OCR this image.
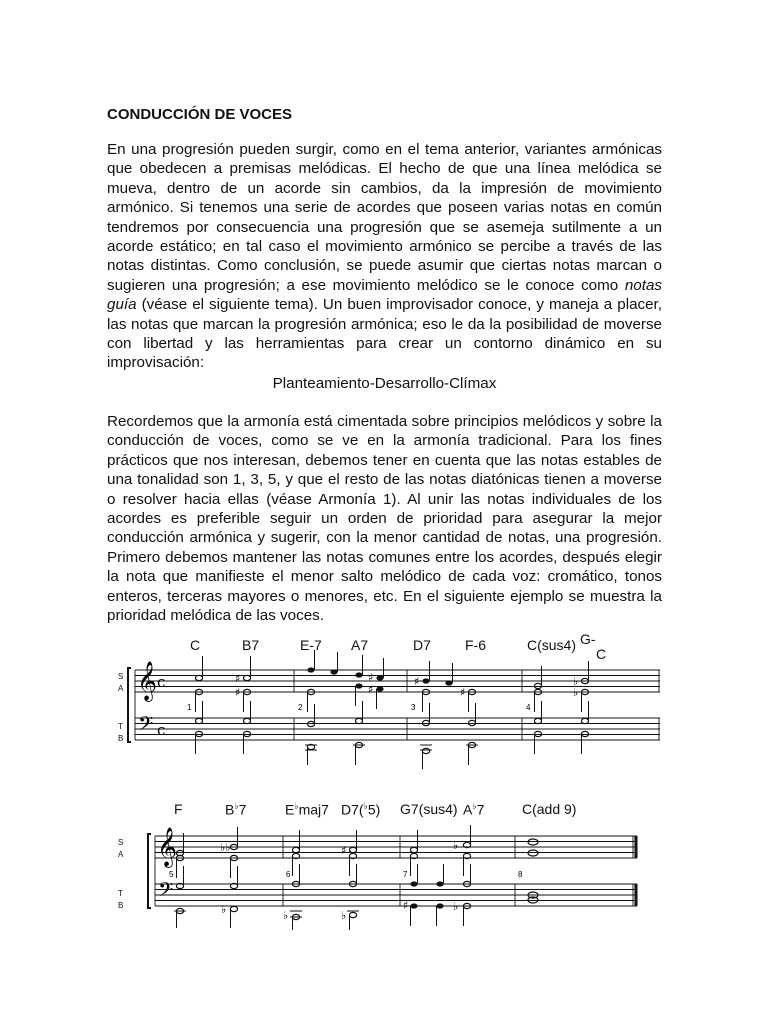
CONDUCCIÓN DE VOCES

En una progresión pueden surgir, como en el tema anterior, variantes armónicas que obedecen a premisas melódicas. El hecho de que una línea melódica se mueva, dentro de un acorde sin cambios, da la impresión de movimiento armónico. Si tenemos una serie de acordes que poseen varias notas en común tendremos por consecuencia una progresión que se asemeja sutilmente a un acorde estático; en tal caso el movimiento armónico se percibe a través de las notas distintas. Como conclusión, se puede asumir que ciertas notas marcan o sugieren una progresión; a ese movimiento melódico se le conoce como notas guía (véase el siguiente tema). Un buen improvisador conoce, y maneja a placer, las notas que marcan la progresión armónica; eso le da la posibilidad de moverse con libertad y las herramientas para crear un contorno dinámico en su improvisación:

Planteamiento-Desarrollo-Clímax

Recordemos que la armonía está cimentada sobre principios melódicos y sobre la conducción de voces, como se ve en la armonía tradicional. Para los fines prácticos que nos interesan, debemos tener en cuenta que las notas estables de una tonalidad son 1, 3, 5, y que el resto de las notas diatónicas tienen a moverse o resolver hacia ellas (véase Armonía 1). Al unir las notas individuales de los acordes es preferible seguir un orden de prioridad para asegurar la mejor conducción armónica y sugerir, con la menor cantidad de notas, una progresión. Primero debemos mantener las notas comunes entre los acordes, después elegir la nota que manifieste el menor salto melódico de cada voz: cromático, tonos enteros, terceras mayores o menores, etc. En el siguiente ejemplo se muestra la prioridad melódica de las voces.

C	B7	E-7 A7	D7 F-6	C(sus4) G-
C
S
A
T
B
𝄞
𝄢
c
c
1	2	3	4
♯
♯
♯
♯
♯
♯
♭
♭
F	B♭7	E♭maj7 D7(♭5) G7(sus4) A♭7	C(add 9)
S
A
T
B
𝄞
𝄢
5	6	7	8
♭♭
♭	♭
♯
♭
♯
♭
♭
